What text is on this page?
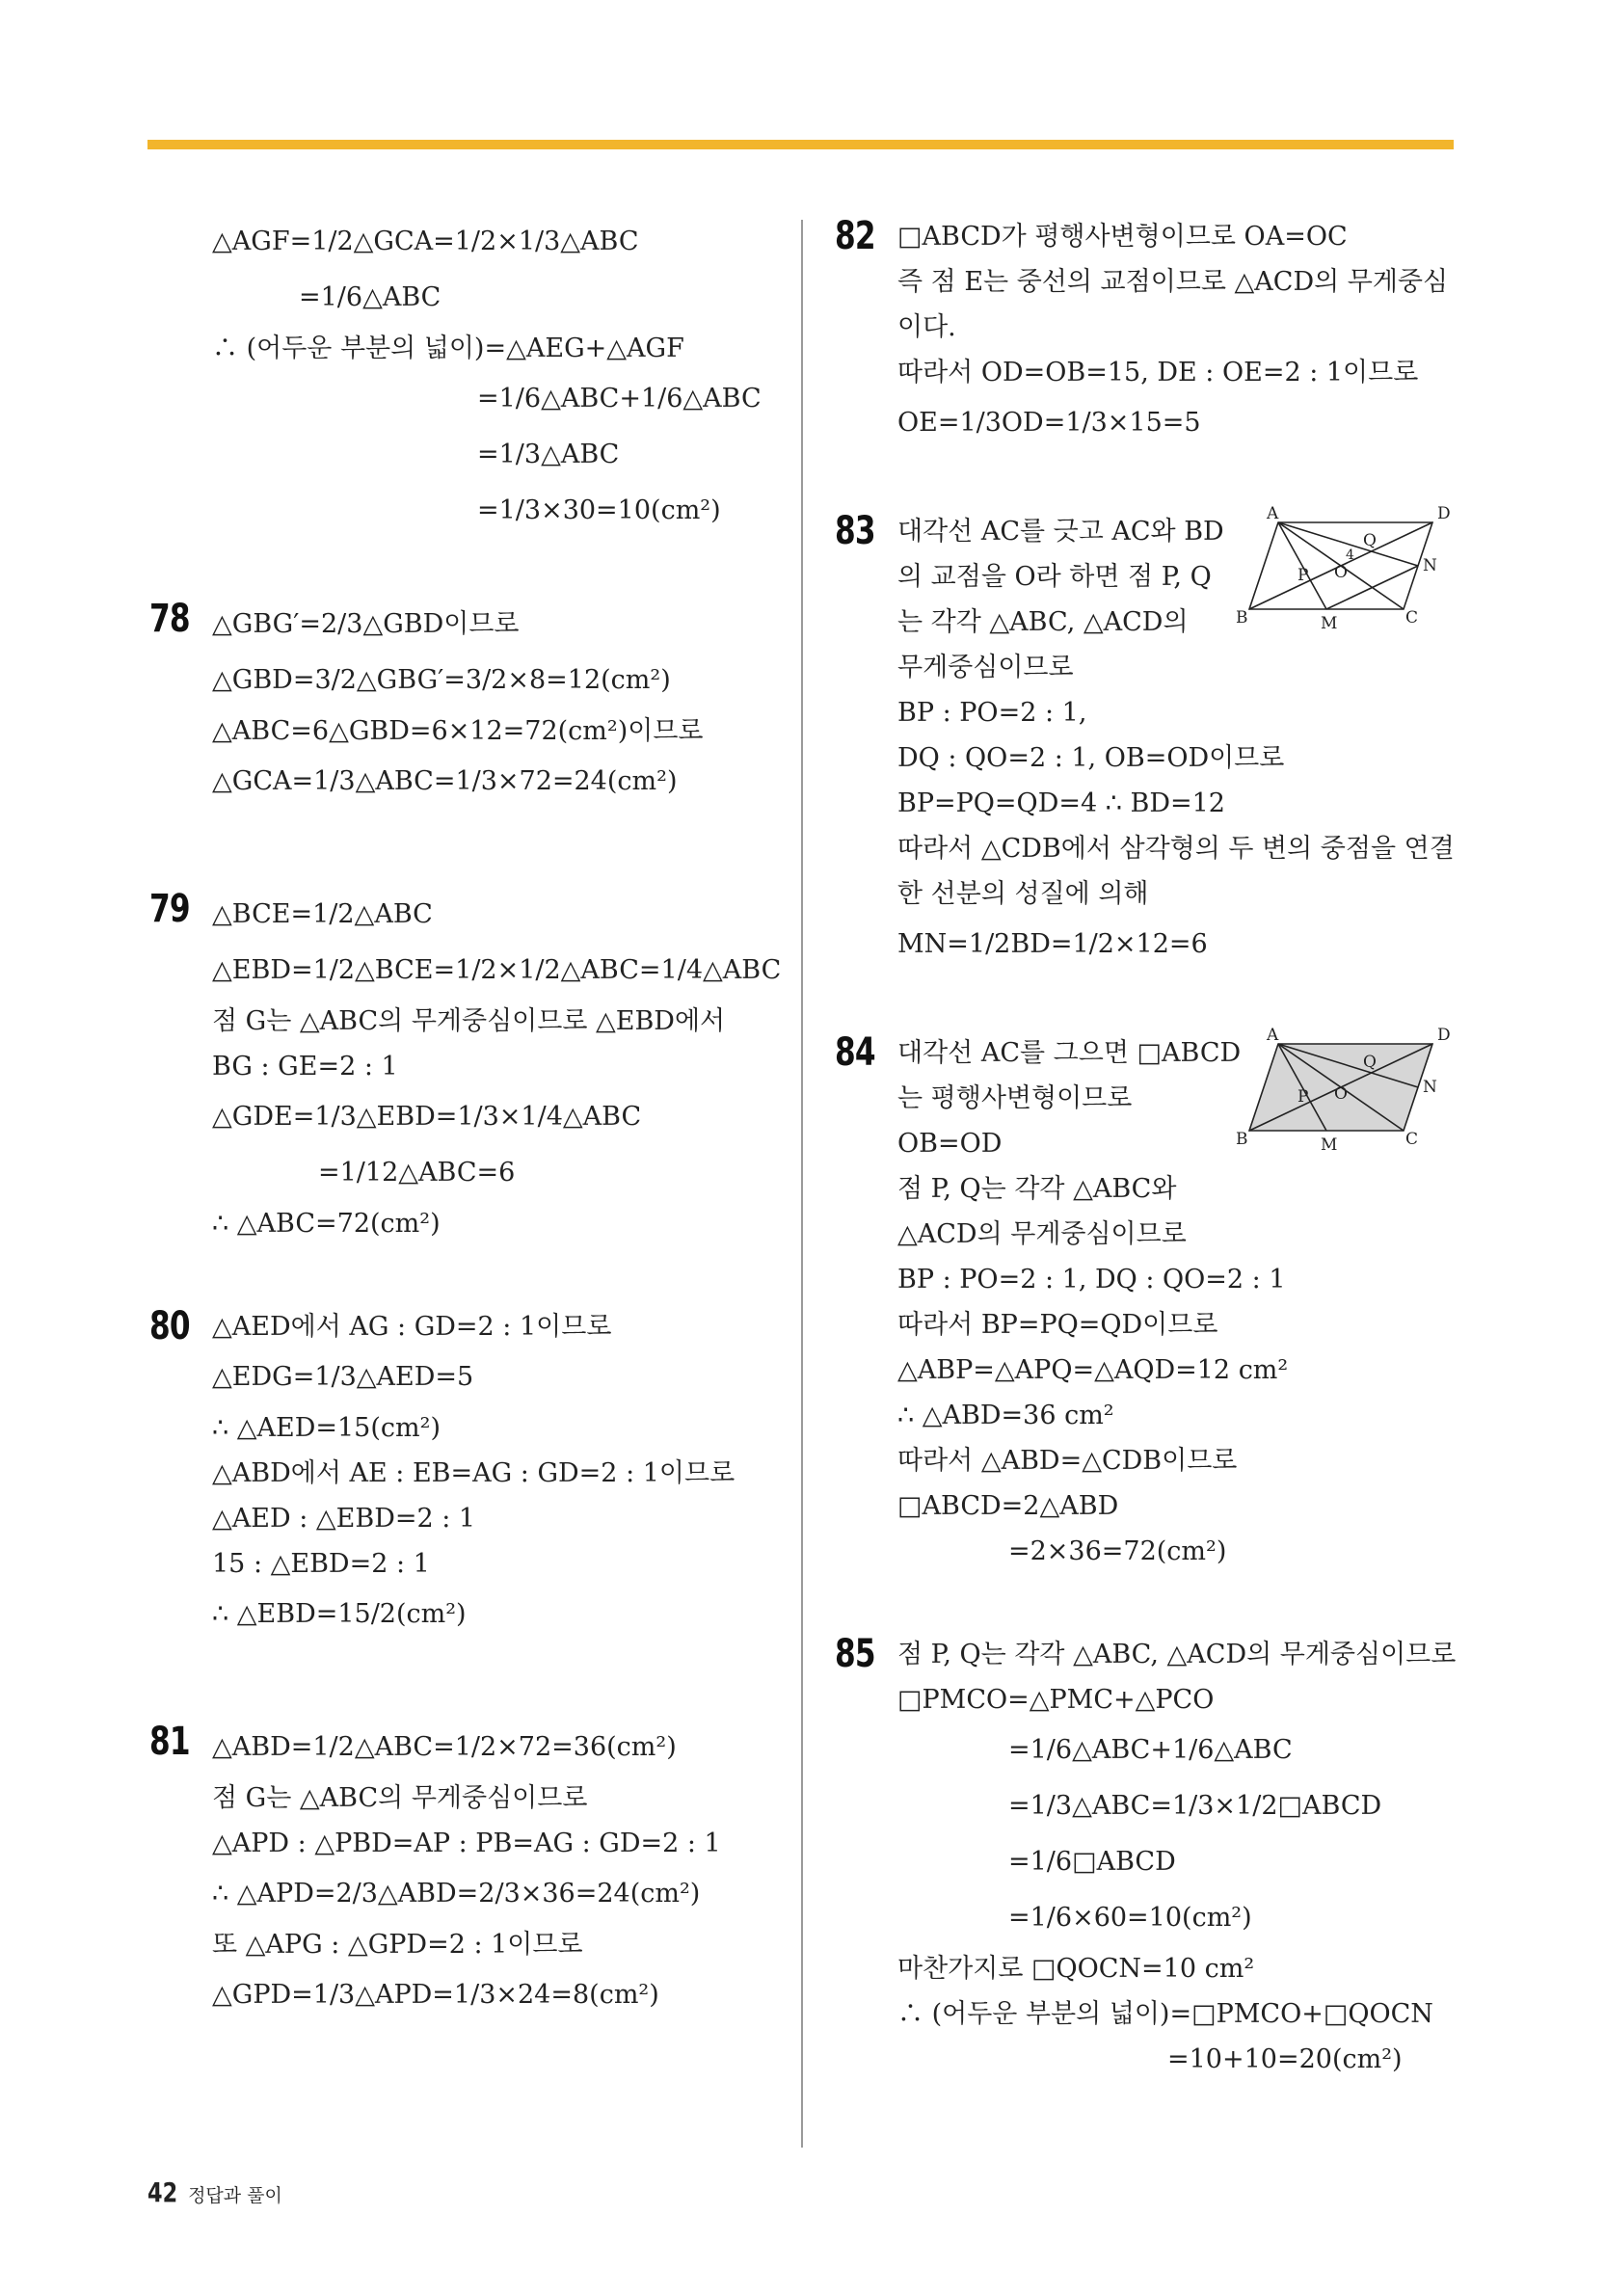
△AGF=1/2△GCA=1/2×1/3△ABC
=1/6△ABC
∴ (어두운 부분의 넓이)=△AEG+△AGF
=1/6△ABC+1/6△ABC
=1/3△ABC
=1/3×30=10(cm²)
78 △GBG′=2/3△GBD이므로
△GBD=3/2△GBG′=3/2×8=12(cm²)
△ABC=6△GBD=6×12=72(cm²)이므로
△GCA=1/3△ABC=1/3×72=24(cm²)
79 △BCE=1/2△ABC
△EBD=1/2△BCE=1/2×1/2△ABC=1/4△ABC
점 G는 △ABC의 무게중심이므로 △EBD에서
BG : GE=2 : 1
△GDE=1/3△EBD=1/3×1/4△ABC
=1/12△ABC=6
∴ △ABC=72(cm²)
80 △AED에서 AG : GD=2 : 1이므로
△EDG=1/3△AED=5
∴ △AED=15(cm²)
△ABD에서 AE : EB=AG : GD=2 : 1이므로
△AED : △EBD=2 : 1
15 : △EBD=2 : 1
∴ △EBD=15/2(cm²)
81 △ABD=1/2△ABC=1/2×72=36(cm²)
점 G는 △ABC의 무게중심이므로
△APD : △PBD=AP : PB=AG : GD=2 : 1
∴ △APD=2/3△ABD=2/3×36=24(cm²)
또 △APG : △GPD=2 : 1이므로
△GPD=1/3△APD=1/3×24=8(cm²)
82 □ABCD가 평행사변형이므로 OA=OC
즉 점 E는 중선의 교점이므로 △ACD의 무게중심
이다.
따라서 OD=OB=15, DE : OE=2 : 1이므로
OE=1/3OD=1/3×15=5
83 대각선 AC를 긋고 AC와 BD
의 교점을 O라 하면 점 P, Q
는 각각 △ABC, △ACD의
무게중심이므로
BP : PO=2 : 1,
DQ : QO=2 : 1, OB=OD이므로
BP=PQ=QD=4 ∴ BD=12
따라서 △CDB에서 삼각형의 두 변의 중점을 연결
한 선분의 성질에 의해
MN=1/2BD=1/2×12=6
A	D
B	C
M
N
O
P
Q
4
84 대각선 AC를 그으면 □ABCD
는 평행사변형이므로
OB=OD
점 P, Q는 각각 △ABC와
△ACD의 무게중심이므로
BP : PO=2 : 1, DQ : QO=2 : 1
따라서 BP=PQ=QD이므로
△ABP=△APQ=△AQD=12 cm²
∴ △ABD=36 cm²
따라서 △ABD=△CDB이므로
□ABCD=2△ABD
=2×36=72(cm²)
A	D
B	C
M
N
O
P
Q
85 점 P, Q는 각각 △ABC, △ACD의 무게중심이므로
□PMCO=△PMC+△PCO
=1/6△ABC+1/6△ABC
=1/3△ABC=1/3×1/2□ABCD
=1/6□ABCD
=1/6×60=10(cm²)
마찬가지로 □QOCN=10 cm²
∴ (어두운 부분의 넓이)=□PMCO+□QOCN
=10+10=20(cm²)
42 정답과 풀이
